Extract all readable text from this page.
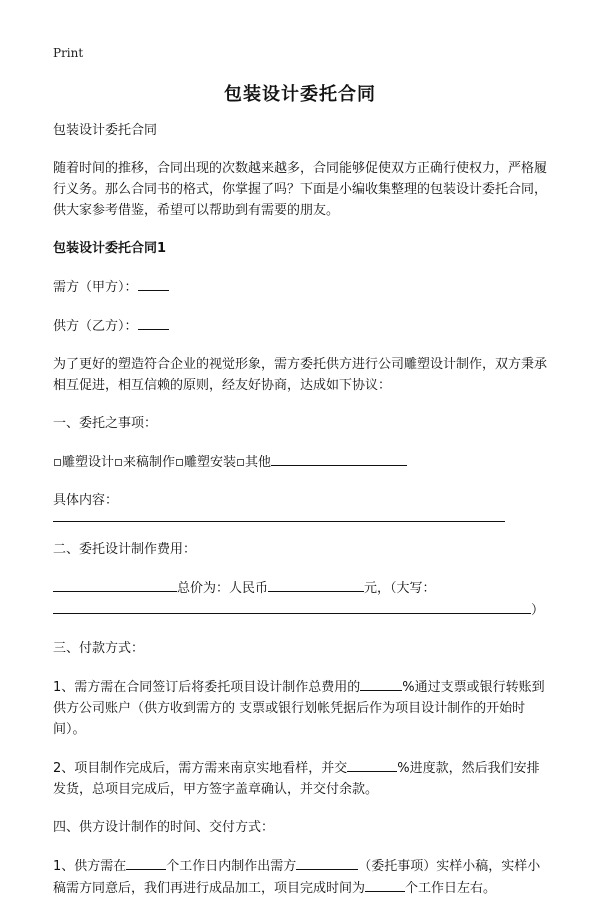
Print
包装设计委托合同

包装设计委托合同

随着时间的推移，合同出现的次数越来越多，合同能够促使双方正确行使权力，严格履行义务。那么合同书的格式，你掌握了吗？下面是小编收集整理的包装设计委托合同，供大家参考借鉴，希望可以帮助到有需要的朋友。

包装设计委托合同1

需方（甲方）：

供方（乙方）：

为了更好的塑造符合企业的视觉形象，需方委托供方进行公司雕塑设计制作，双方秉承相互促进，相互信赖的原则，经友好协商，达成如下协议：

一、委托之事项：

雕塑设计 来稿制作 雕塑安装 其他

具体内容：

二、委托设计制作费用：

总价为：人民币	元，（大写：

）

三、付款方式：

1、需方需在合同签订后将委托项目设计制作总费用的	%通过支票或银行转账到供方公司账户（供方收到需方的 支票或银行划帐凭据后作为项目设计制作的开始时间）。

2、项目制作完成后，需方需来南京实地看样，并交	%进度款，然后我们安排发货，总项目完成后，甲方签字盖章确认，并交付余款。

四、供方设计制作的时间、交付方式：

1、供方需在	个工作日内制作出需方	（委托事项）实样小稿，实样小稿需方同意后，我们再进行成品加工，项目完成时间为	个工作日左右。
